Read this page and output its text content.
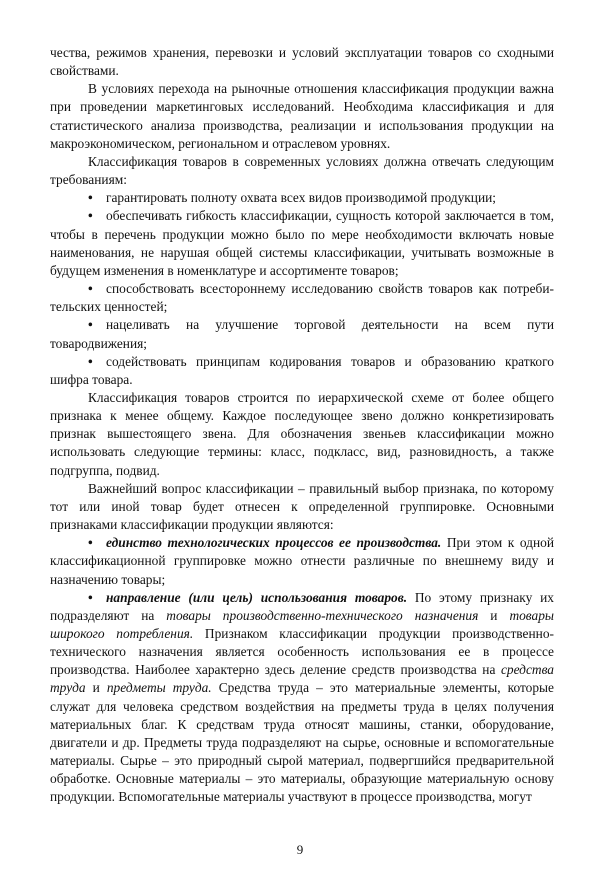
чества, режимов хранения, перевозки и условий эксплуатации товаров со сходными свойствами.

В условиях перехода на рыночные отношения классификация продукции важна при проведении маркетинговых исследований. Необходима классификация и для статистического анализа производства, реализации и использования продукции на макроэкономическом, региональном и отраслевом уровнях.

Классификация товаров в современных условиях должна отвечать следующим требованиям:

• гарантировать полноту охвата всех видов производимой продукции;

• обеспечивать гибкость классификации, сущность которой заключается в том, чтобы в перечень продукции можно было по мере необходимости включать новые наименования, не нарушая общей системы классификации, учитывать возможные в будущем изменения в номенклатуре и ассортименте товаров;

• способствовать всестороннему исследованию свойств товаров как потреби-тельских ценностей;

• нацеливать на улучшение торговой деятельности на всем пути товародвижения;

• содействовать принципам кодирования товаров и образованию краткого шифра товара.

Классификация товаров строится по иерархической схеме от более общего признака к менее общему. Каждое последующее звено должно конкретизировать признак вышестоящего звена. Для обозначения звеньев классификации можно использовать следующие термины: класс, подкласс, вид, разновидность, а также подгруппа, подвид.

Важнейший вопрос классификации – правильный выбор признака, по которому тот или иной товар будет отнесен к определенной группировке. Основными признаками классификации продукции являются:

• единство технологических процессов ее производства. При этом к одной классификационной группировке можно отнести различные по внешнему виду и назначению товары;

• направление (или цель) использования товаров. По этому признаку их подразделяют на товары производственно-технического назначения и товары широкого потребления. Признаком классификации продукции производственно-технического назначения является особенность использования ее в процессе производства. Наиболее характерно здесь деление средств производства на средства труда и предметы труда. Средства труда – это материальные элементы, которые служат для человека средством воздействия на предметы труда в целях получения материальных благ. К средствам труда относят машины, станки, оборудование, двигатели и др. Предметы труда подразделяют на сырье, основные и вспомогательные материалы. Сырье – это природный сырой материал, подвергшийся предварительной обработке. Основные материалы – это материалы, образующие материальную основу продукции. Вспомогательные материалы участвуют в процессе производства, могут

9
